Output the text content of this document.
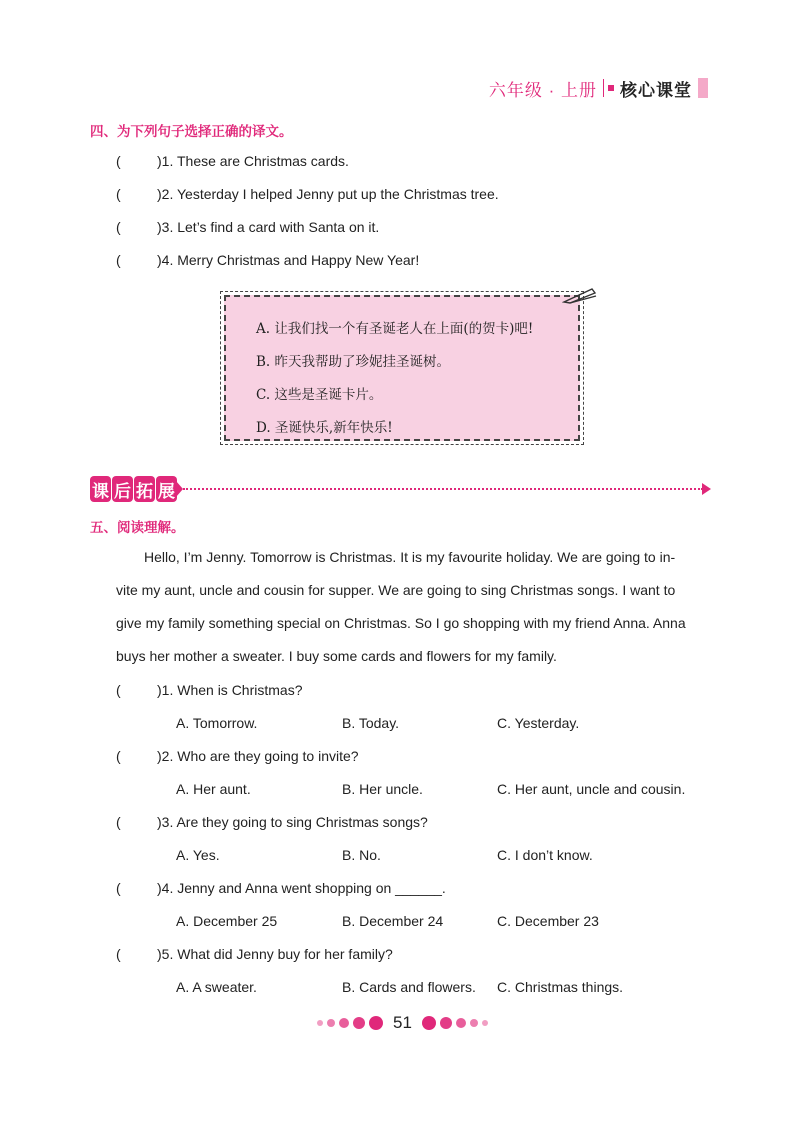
六年级 · 上册 核心课堂
四、为下列句子选择正确的译文。
(	)1. These are Christmas cards.
(	)2. Yesterday I helped Jenny put up the Christmas tree.
(	)3. Let’s find a card with Santa on it.
(	)4. Merry Christmas and Happy New Year!
A. 让我们找一个有圣诞老人在上面(的贺卡)吧!
B. 昨天我帮助了珍妮挂圣诞树。
C. 这些是圣诞卡片。
D. 圣诞快乐,新年快乐!
课 后 拓 展
五、阅读理解。
Hello, I’m Jenny. Tomorrow is Christmas. It is my favourite holiday. We are going to in-
vite my aunt, uncle and cousin for supper. We are going to sing Christmas songs. I want to
give my family something special on Christmas. So I go shopping with my friend Anna. Anna
buys her mother a sweater. I buy some cards and flowers for my family.
(	)1. When is Christmas?
A. Tomorrow.	B. Today.	C. Yesterday.
(	)2. Who are they going to invite?
A. Her aunt.	B. Her uncle.	C. Her aunt, uncle and cousin.
(	)3. Are they going to sing Christmas songs?
A. Yes.	B. No.	C. I don’t know.
(	)4. Jenny and Anna went shopping on ______.
A. December 25	B. December 24	C. December 23
(	)5. What did Jenny buy for her family?
A. A sweater.	B. Cards and flowers. C. Christmas things.
51
